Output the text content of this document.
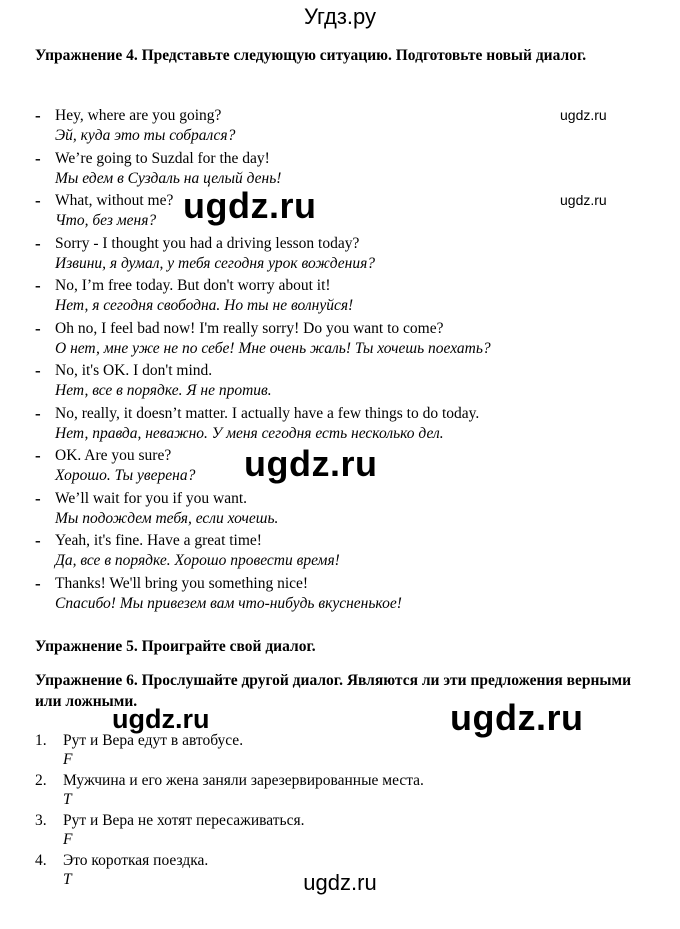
Угдз.ру
Упражнение 4. Представьте следующую ситуацию. Подготовьте новый диалог.
- Hey, where are you going?
Эй, куда это ты собрался?
- We’re going to Suzdal for the day!
Мы едем в Суздаль на целый день!
- What, without me?
Что, без меня?
- Sorry - I thought you had a driving lesson today?
Извини, я думал, у тебя сегодня урок вождения?
- No, I’m free today. But don't worry about it!
Нет, я сегодня свободна. Но ты не волнуйся!
- Oh no, I feel bad now! I'm really sorry! Do you want to come?
О нет, мне уже не по себе! Мне очень жаль! Ты хочешь поехать?
- No, it's OK. I don't mind.
Нет, все в порядке. Я не против.
- No, really, it doesn’t matter. I actually have a few things to do today.
Нет, правда, неважно. У меня сегодня есть несколько дел.
- OK. Are you sure?
Хорошо. Ты уверена?
- We’ll wait for you if you want.
Мы подождем тебя, если хочешь.
- Yeah, it's fine. Have a great time!
Да, все в порядке. Хорошо провести время!
- Thanks! We'll bring you something nice!
Спасибо! Мы привезем вам что-нибудь вкусненькое!
Упражнение 5. Проиграйте свой диалог.
Упражнение 6. Прослушайте другой диалог. Являются ли эти предложения верными или ложными.
1. Рут и Вера едут в автобусе.
F
2. Мужчина и его жена заняли зарезервированные места.
T
3. Рут и Вера не хотят пересаживаться.
F
4. Это короткая поездка.
T
ugdz.ru
ugdz.ru
ugdz.ru
ugdz.ru
ugdz.ru	ugdz.ru
ugdz.ru
